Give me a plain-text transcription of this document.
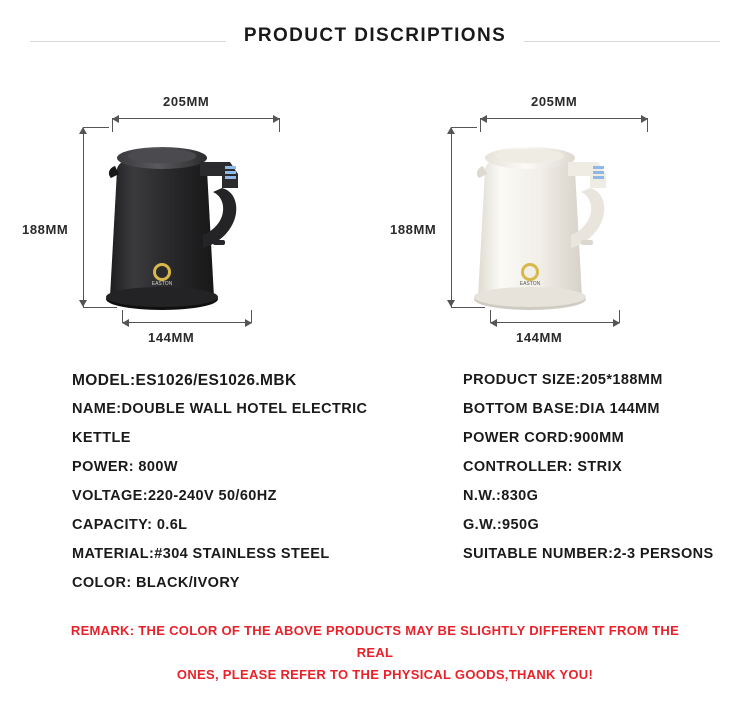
PRODUCT DISCRIPTIONS
205MM
188MM
144MM
EASTON
205MM
188MM
144MM
EASTON
MODEL:ES1026/ES1026.MBK
NAME:DOUBLE WALL HOTEL ELECTRIC KETTLE
POWER: 800W
VOLTAGE:220-240V 50/60HZ
CAPACITY: 0.6L
MATERIAL:#304 STAINLESS STEEL
COLOR: BLACK/IVORY
PRODUCT SIZE:205*188MM
BOTTOM BASE:DIA 144MM
POWER CORD:900MM
CONTROLLER: STRIX
N.W.:830G
G.W.:950G
SUITABLE NUMBER:2-3 PERSONS
REMARK: THE COLOR OF THE ABOVE PRODUCTS MAY BE SLIGHTLY DIFFERENT FROM THE REAL
ONES, PLEASE REFER TO THE PHYSICAL GOODS,THANK YOU!
